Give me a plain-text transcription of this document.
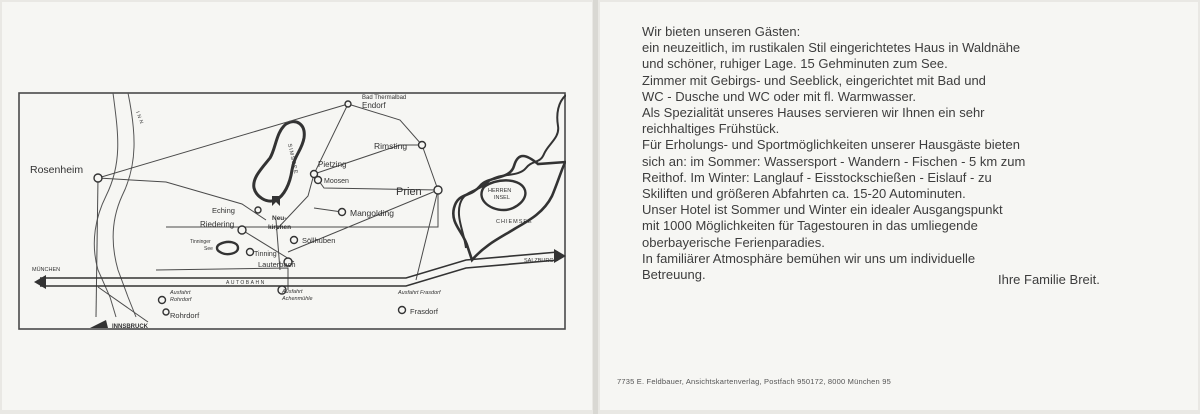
Rosenheim
Bad Thermalbad
Endorf
Rimsting
Pietzing
Moosen
Prien
Eching
Neu-
kirchen
Riedering
Mangolding
Tinninger
See
Tinning
Söllhuben
Lauterbach
MÜNCHEN
SALZBURG
AUTOBAHN
Ausfahrt
Rohrdorf
Ausfahrt
Achenmühle
Ausfahrt Frasdorf
Rohrdorf	Frasdorf
INNSBRUCK
INN
SIMSSEE
HERREN
INSEL
CHIEMSEE

Wir bieten unseren Gästen:
ein neuzeitlich, im rustikalen Stil eingerichtetes Haus in Waldnähe
und schöner, ruhiger Lage. 15 Gehminuten zum See.

Zimmer mit Gebirgs- und Seeblick, eingerichtet mit Bad und
WC - Dusche und WC oder mit fl. Warmwasser.

Als Spezialität unseres Hauses servieren wir Ihnen ein sehr
reichhaltiges Frühstück.

Für Erholungs- und Sportmöglichkeiten unserer Hausgäste bieten
sich an: im Sommer: Wassersport - Wandern - Fischen - 5 km zum
Reithof. Im Winter: Langlauf - Eisstockschießen - Eislauf - zu
Skiliften und größeren Abfahrten ca. 15-20 Autominuten.

Unser Hotel ist Sommer und Winter ein idealer Ausgangspunkt
mit 1000 Möglichkeiten für Tagestouren in das umliegende
oberbayerische Ferienparadies.

In familiärer Atmosphäre bemühen wir uns um individuelle
Betreuung.	Ihre Familie Breit.
7735 E. Feldbauer, Ansichtskartenverlag, Postfach 950172, 8000 München 95
